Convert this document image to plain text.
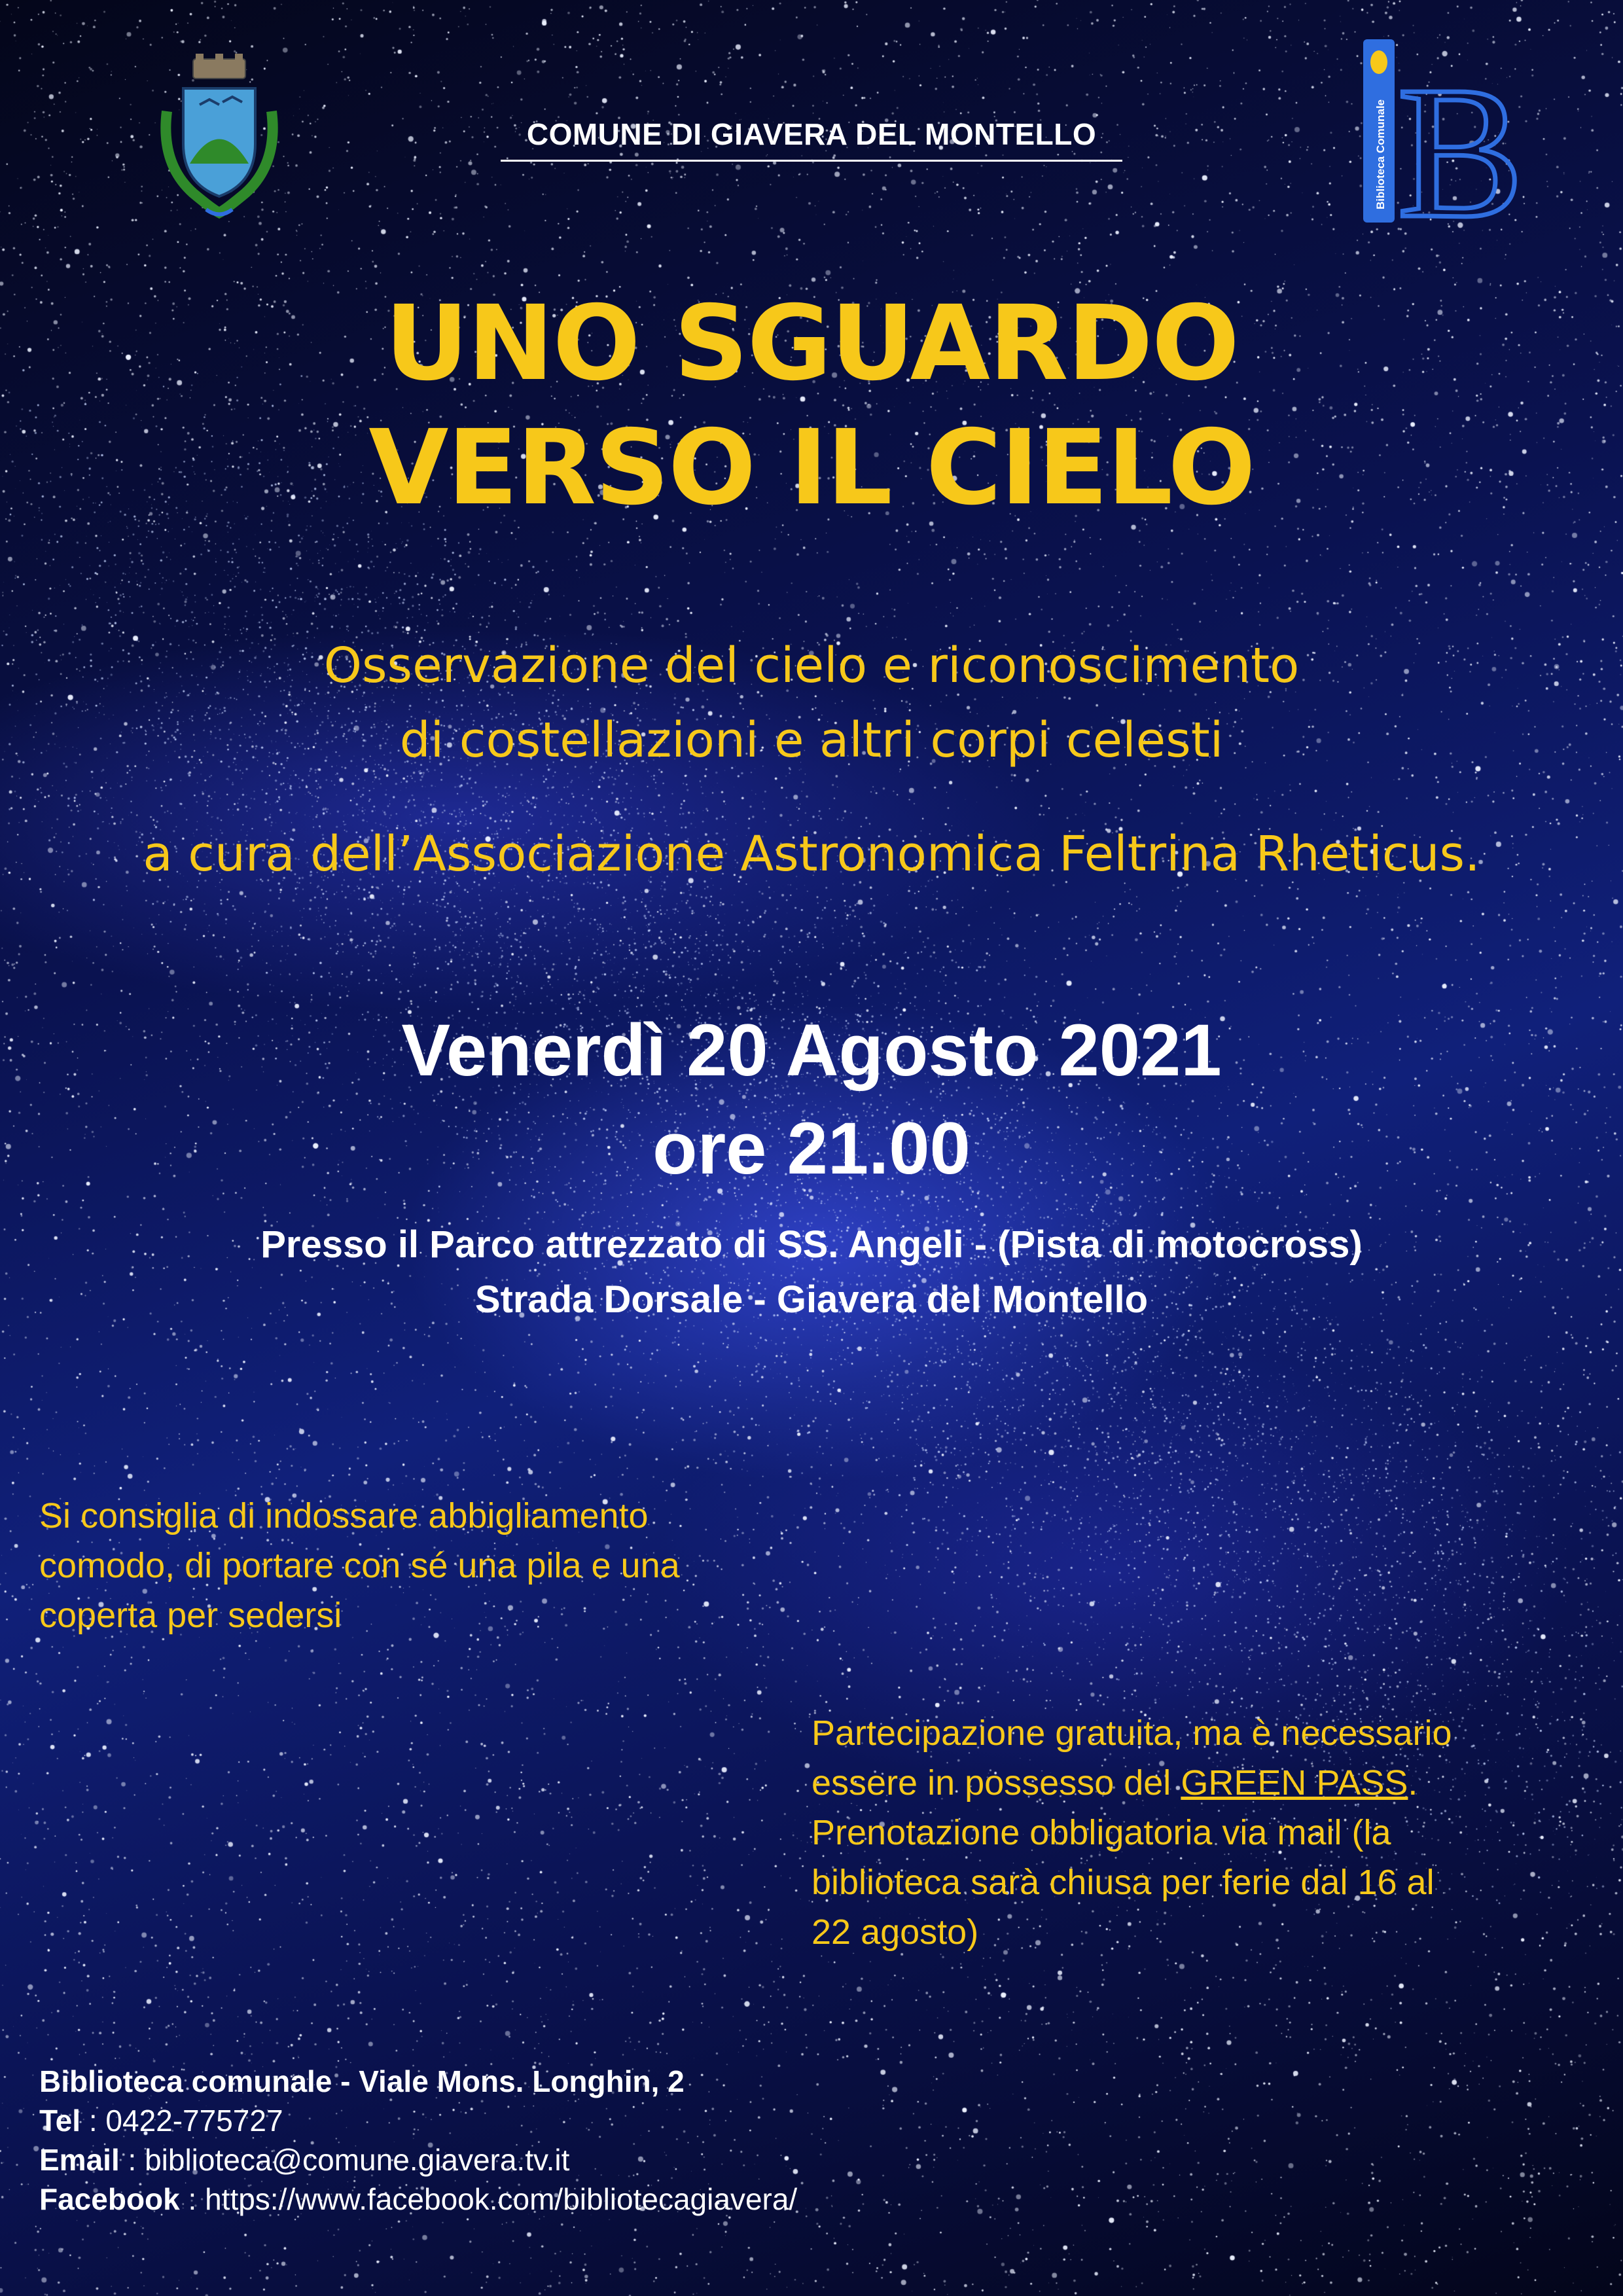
Biblioteca Comunale B
COMUNE DI GIAVERA DEL MONTELLO
UNO SGUARDO
VERSO IL CIELO
Osservazione del cielo e riconoscimento
di costellazioni e altri corpi celesti
a cura dell’Associazione Astronomica Feltrina Rheticus.
Venerdì 20 Agosto 2021
ore 21.00
Presso il Parco attrezzato di SS. Angeli - (Pista di motocross)
Strada Dorsale - Giavera del Montello
Si consiglia di indossare abbigliamento
comodo, di portare con sé una pila e una
coperta per sedersi
Partecipazione gratuita, ma è necessario
essere in possesso del GREEN PASS.
Prenotazione obbligatoria via mail (la
biblioteca sarà chiusa per ferie dal 16 al
22 agosto)
Biblioteca comunale - Viale Mons. Longhin, 2
Tel : 0422-775727
Email : biblioteca@comune.giavera.tv.it
Facebook : https://www.facebook.com/bibliotecagiavera/
